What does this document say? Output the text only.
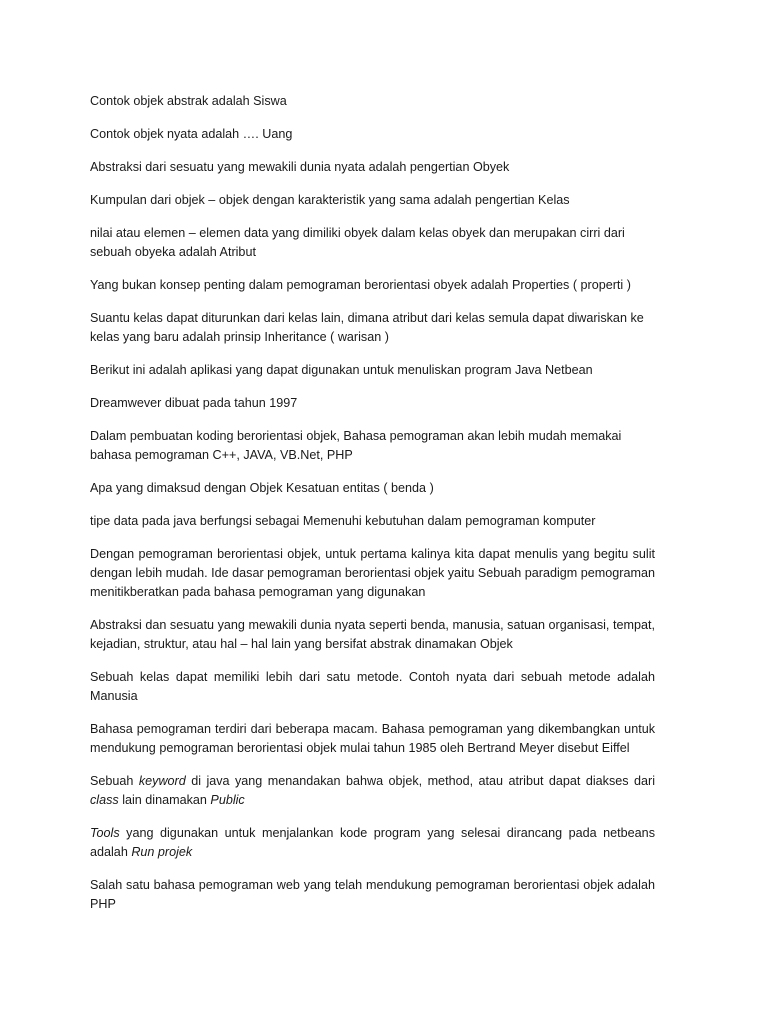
Contok objek abstrak adalah Siswa

Contok objek nyata adalah …. Uang

Abstraksi dari sesuatu yang mewakili dunia nyata adalah pengertian Obyek

Kumpulan dari objek – objek dengan karakteristik yang sama adalah pengertian Kelas

nilai atau elemen – elemen data yang dimiliki obyek dalam kelas obyek dan merupakan cirri dari sebuah obyeka adalah Atribut

Yang bukan konsep penting dalam pemograman berorientasi obyek adalah Properties ( properti )

Suantu kelas dapat diturunkan dari kelas lain, dimana atribut dari kelas semula dapat diwariskan ke kelas yang baru adalah prinsip Inheritance ( warisan )

Berikut ini adalah aplikasi yang dapat digunakan untuk menuliskan program Java Netbean

Dreamwever dibuat pada tahun 1997

Dalam pembuatan koding berorientasi objek, Bahasa pemograman akan lebih mudah memakai bahasa pemograman C++, JAVA, VB.Net, PHP

Apa yang dimaksud dengan Objek Kesatuan entitas ( benda )

tipe data pada java berfungsi sebagai Memenuhi kebutuhan dalam pemograman komputer

Dengan pemograman berorientasi objek, untuk pertama kalinya kita dapat menulis yang begitu sulit dengan lebih mudah. Ide dasar pemograman berorientasi objek yaitu Sebuah paradigm pemograman menitikberatkan pada bahasa pemograman yang digunakan

Abstraksi dan sesuatu yang mewakili dunia nyata seperti benda, manusia, satuan organisasi, tempat, kejadian, struktur, atau hal – hal lain yang bersifat abstrak dinamakan Objek

Sebuah kelas dapat memiliki lebih dari satu metode. Contoh nyata dari sebuah metode adalah Manusia

Bahasa pemograman terdiri dari beberapa macam. Bahasa pemograman yang dikembangkan untuk mendukung pemograman berorientasi objek mulai tahun 1985 oleh Bertrand Meyer disebut Eiffel

Sebuah keyword di java yang menandakan bahwa objek, method, atau atribut dapat diakses dari class lain dinamakan Public

Tools yang digunakan untuk menjalankan kode program yang selesai dirancang pada netbeans adalah Run projek

Salah satu bahasa pemograman web yang telah mendukung pemograman berorientasi objek adalah PHP
